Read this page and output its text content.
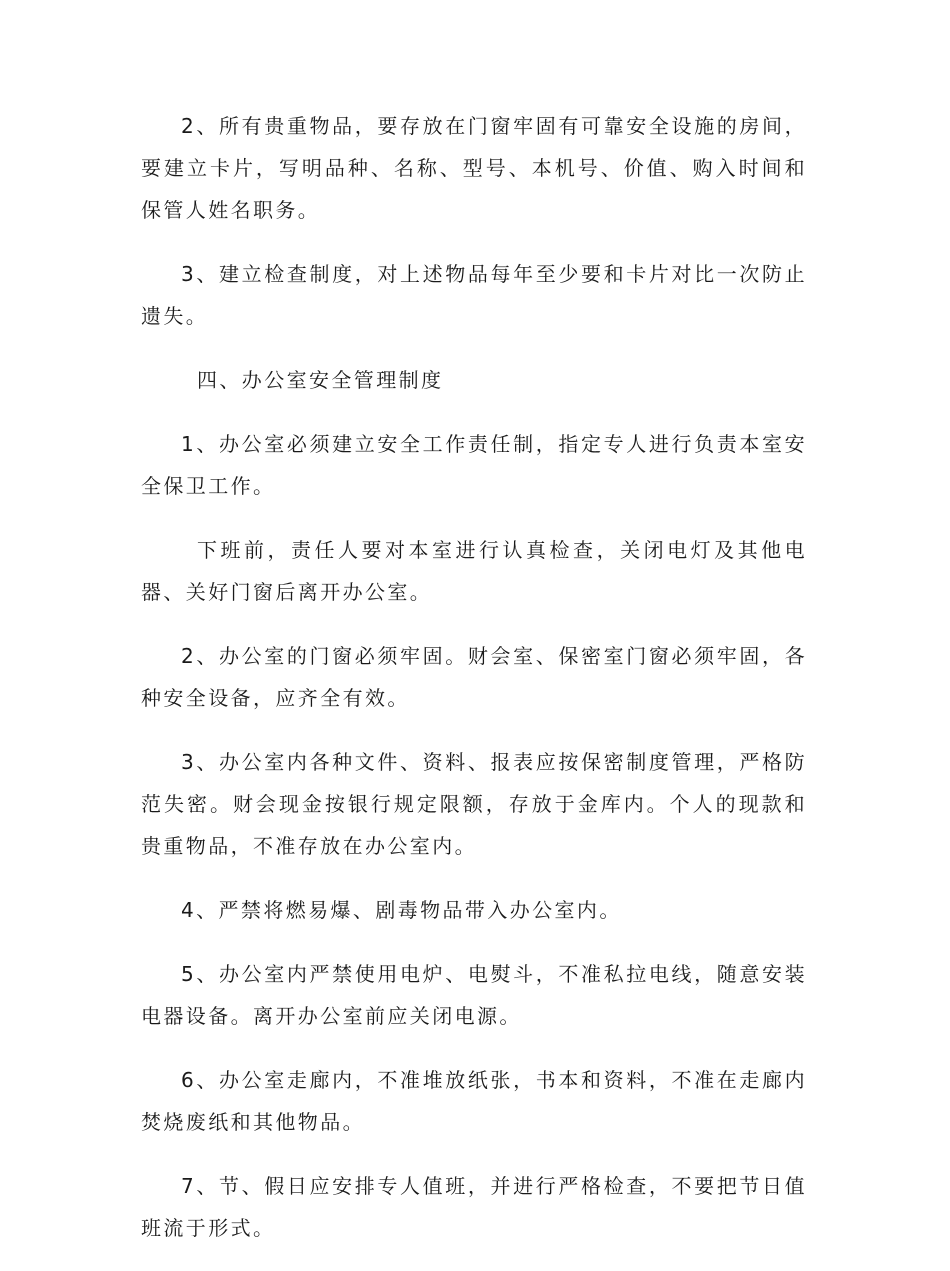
2、所有贵重物品，要存放在门窗牢固有可靠安全设施的房间，要建立卡片，写明品种、名称、型号、本机号、价值、购入时间和保管人姓名职务。

3、建立检查制度，对上述物品每年至少要和卡片对比一次防止遗失。

四、办公室安全管理制度

1、办公室必须建立安全工作责任制，指定专人进行负责本室安全保卫工作。

下班前，责任人要对本室进行认真检查，关闭电灯及其他电器、关好门窗后离开办公室。

2、办公室的门窗必须牢固。财会室、保密室门窗必须牢固，各种安全设备，应齐全有效。

3、办公室内各种文件、资料、报表应按保密制度管理，严格防范失密。财会现金按银行规定限额，存放于金库内。个人的现款和贵重物品，不准存放在办公室内。

4、严禁将燃易爆、剧毒物品带入办公室内。

5、办公室内严禁使用电炉、电熨斗，不准私拉电线，随意安装电器设备。离开办公室前应关闭电源。

6、办公室走廊内，不准堆放纸张，书本和资料，不准在走廊内焚烧废纸和其他物品。

7、节、假日应安排专人值班，并进行严格检查，不要把节日值班流于形式。
